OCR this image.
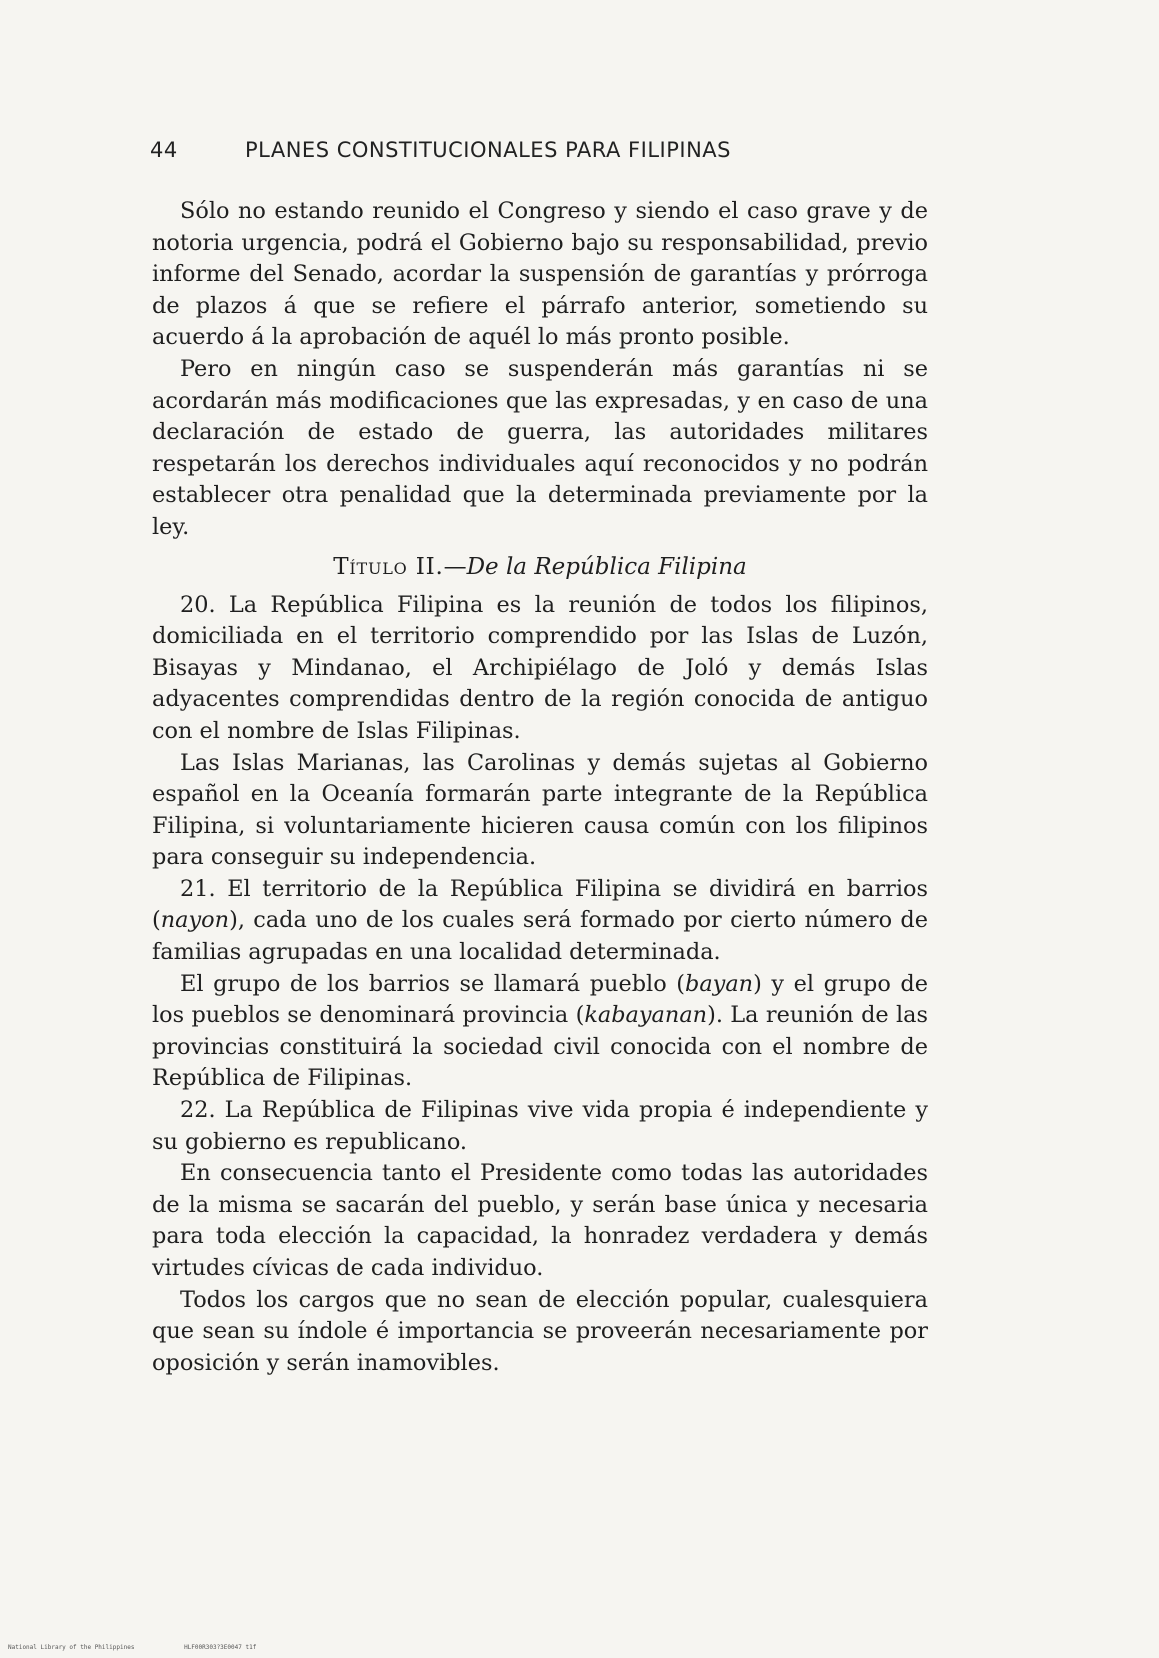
44	PLANES CONSTITUCIONALES PARA FILIPINAS

Sólo no estando reunido el Congreso y siendo el caso grave y de notoria urgencia, podrá el Gobierno bajo su responsabilidad, previo informe del Senado, acordar la suspensión de garantías y prórroga de plazos á que se refiere el párrafo anterior, sometiendo su acuerdo á la aprobación de aquél lo más pronto posible.

Pero en ningún caso se suspenderán más garantías ni se acordarán más modificaciones que las expresadas, y en caso de una declaración de estado de guerra, las autoridades militares respetarán los derechos individuales aquí reconocidos y no podrán establecer otra penalidad que la determinada previamente por la ley.

Título II.—De la República Filipina

20. La República Filipina es la reunión de todos los filipinos, domiciliada en el territorio comprendido por las Islas de Luzón, Bisayas y Mindanao, el Archipiélago de Joló y demás Islas adyacentes comprendidas dentro de la región conocida de antiguo con el nombre de Islas Filipinas.

Las Islas Marianas, las Carolinas y demás sujetas al Gobierno español en la Oceanía formarán parte integrante de la República Filipina, si voluntariamente hicieren causa común con los filipinos para conseguir su independencia.

21. El territorio de la República Filipina se dividirá en barrios (nayon), cada uno de los cuales será formado por cierto número de familias agrupadas en una localidad determinada.

El grupo de los barrios se llamará pueblo (bayan) y el grupo de los pueblos se denominará provincia (kabayanan). La reunión de las provincias constituirá la sociedad civil conocida con el nombre de República de Filipinas.

22. La República de Filipinas vive vida propia é independiente y su gobierno es republicano.

En consecuencia tanto el Presidente como todas las autoridades de la misma se sacarán del pueblo, y serán base única y necesaria para toda elección la capacidad, la honradez verdadera y demás virtudes cívicas de cada individuo.

Todos los cargos que no sean de elección popular, cualesquiera que sean su índole é importancia se proveerán necesariamente por oposición y serán inamovibles.

National Library of the Philippines	HLF00R303?3E0047 t1f
